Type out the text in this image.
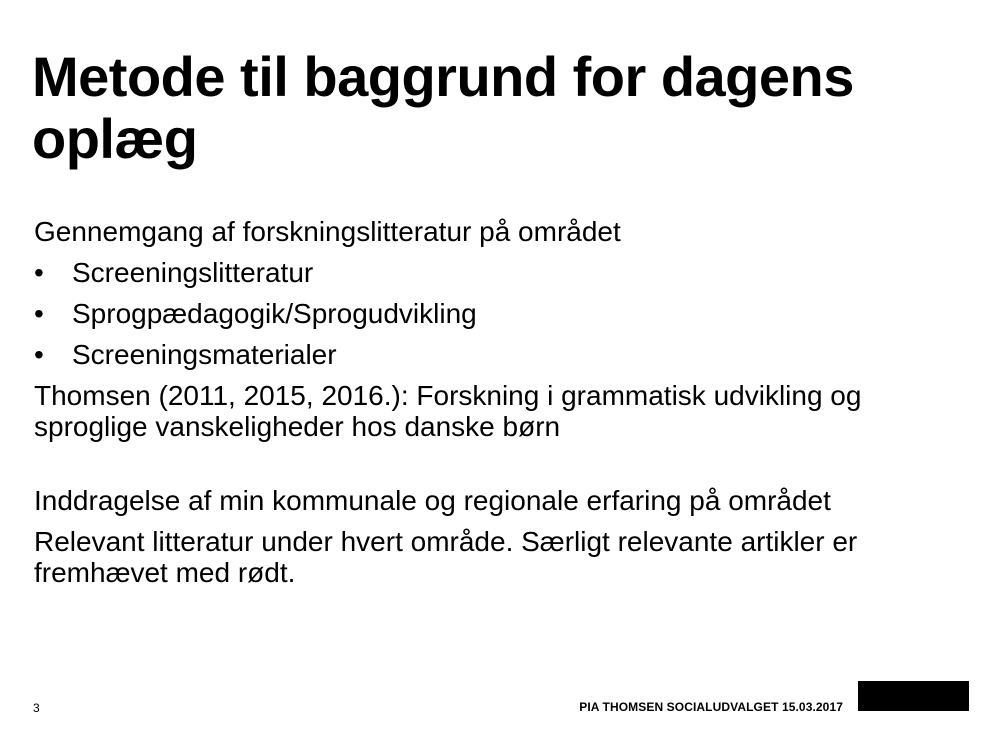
Metode til baggrund for dagens oplæg

Gennemgang af forskningslitteratur på området

• Screeningslitteratur
• Sprogpædagogik/Sprogudvikling
• Screeningsmaterialer

Thomsen (2011, 2015, 2016.): Forskning i grammatisk udvikling og sproglige vanskeligheder hos danske børn

Inddragelse af min kommunale og regionale erfaring på området

Relevant litteratur under hvert område. Særligt relevante artikler er fremhævet med rødt.

3	PIA THOMSEN SOCIALUDVALGET 15.03.2017
